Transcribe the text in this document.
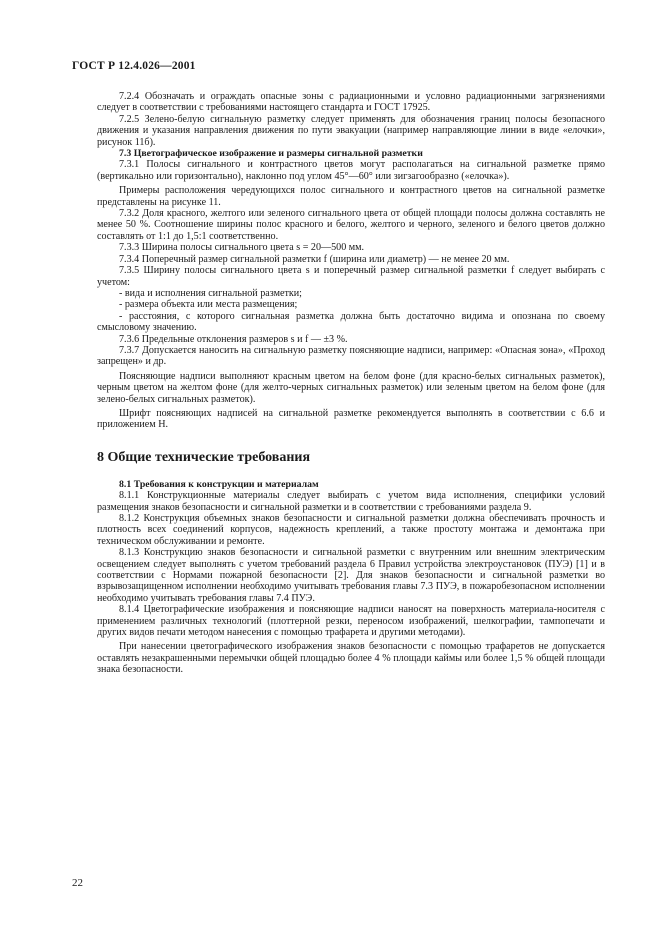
ГОСТ Р 12.4.026—2001

7.2.4 Обозначать и ограждать опасные зоны с радиационными и условно радиационными загрязнениями следует в соответствии с требованиями настоящего стандарта и ГОСТ 17925.

7.2.5 Зелено-белую сигнальную разметку следует применять для обозначения границ полосы безопасного движения и указания направления движения по пути эвакуации (например направляющие линии в виде «елочки», рисунок 11б).

7.3 Цветографическое изображение и размеры сигнальной разметки

7.3.1 Полосы сигнального и контрастного цветов могут располагаться на сигнальной разметке прямо (вертикально или горизонтально), наклонно под углом 45°—60° или зигзагообразно («елочка»).

Примеры расположения чередующихся полос сигнального и контрастного цветов на сигнальной разметке представлены на рисунке 11.

7.3.2 Доля красного, желтого или зеленого сигнального цвета от общей площади полосы должна составлять не менее 50 %. Соотношение ширины полос красного и белого, желтого и черного, зеленого и белого цветов должно составлять от 1:1 до 1,5:1 соответственно.

7.3.3 Ширина полосы сигнального цвета s = 20—500 мм.

7.3.4 Поперечный размер сигнальной разметки f (ширина или диаметр) — не менее 20 мм.

7.3.5 Ширину полосы сигнального цвета s и поперечный размер сигнальной разметки f следует выбирать с учетом:

- вида и исполнения сигнальной разметки;

- размера объекта или места размещения;

- расстояния, с которого сигнальная разметка должна быть достаточно видима и опознана по своему смысловому значению.

7.3.6 Предельные отклонения размеров s и f — ±3 %.

7.3.7 Допускается наносить на сигнальную разметку поясняющие надписи, например: «Опасная зона», «Проход запрещен» и др.

Поясняющие надписи выполняют красным цветом на белом фоне (для красно-белых сигнальных разметок), черным цветом на желтом фоне (для желто-черных сигнальных разметок) или зеленым цветом на белом фоне (для зелено-белых сигнальных разметок).

Шрифт поясняющих надписей на сигнальной разметке рекомендуется выполнять в соответствии с 6.6 и приложением Н.

8 Общие технические требования

8.1 Требования к конструкции и материалам

8.1.1 Конструкционные материалы следует выбирать с учетом вида исполнения, специфики условий размещения знаков безопасности и сигнальной разметки и в соответствии с требованиями раздела 9.

8.1.2 Конструкция объемных знаков безопасности и сигнальной разметки должна обеспечивать прочность и плотность всех соединений корпусов, надежность креплений, а также простоту монтажа и демонтажа при техническом обслуживании и ремонте.

8.1.3 Конструкцию знаков безопасности и сигнальной разметки с внутренним или внешним электрическим освещением следует выполнять с учетом требований раздела 6 Правил устройства электроустановок (ПУЭ) [1] и в соответствии с Нормами пожарной безопасности [2]. Для знаков безопасности и сигнальной разметки во взрывозащищенном исполнении необходимо учитывать требования главы 7.3 ПУЭ, в пожаробезопасном исполнении необходимо учитывать требования главы 7.4 ПУЭ.

8.1.4 Цветографические изображения и поясняющие надписи наносят на поверхность материала-носителя с применением различных технологий (плоттерной резки, переносом изображений, шелкографии, тампопечати и других видов печати методом нанесения с помощью трафарета и другими методами).

При нанесении цветографического изображения знаков безопасности с помощью трафаретов не допускается оставлять незакрашенными перемычки общей площадью более 4 % площади каймы или более 1,5 % общей площади знака безопасности.

22
